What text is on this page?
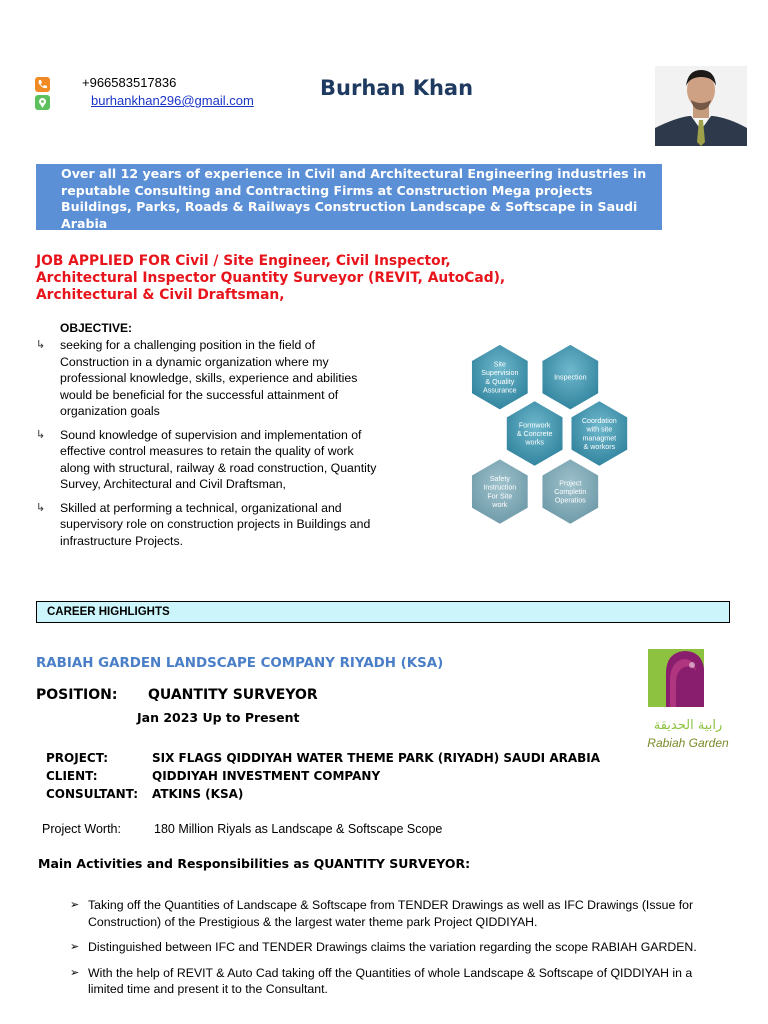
+966583517836
burhankhan296@gmail.com
Burhan Khan
Over all 12 years of experience in Civil and Architectural Engineering industries in reputable Consulting and Contracting Firms at Construction Mega projects Buildings, Parks, Roads & Railways Construction Landscape & Softscape in Saudi Arabia
JOB APPLIED FOR Civil / Site Engineer, Civil Inspector, Architectural Inspector Quantity Surveyor (REVIT, AutoCad), Architectural & Civil Draftsman,
OBJECTIVE:
↳ seeking for a challenging position in the field of Construction in a dynamic organization where my professional knowledge, skills, experience and abilities would be beneficial for the successful attainment of organization goals
↳ Sound knowledge of supervision and implementation of effective control measures to retain the quality of work along with structural, railway & road construction, Quantity Survey, Architectural and Civil Draftsman,
↳ Skilled at performing a technical, organizational and supervisory role on construction projects in Buildings and infrastructure Projects.
Site
Supervision
& Quality
Assurance
Inspection
Formwork
& Concrete
works
Coordation
with site
managmet
& workors
Safety
Instruction
For Site
work
Project
Completin
Operatios
CAREER HIGHLIGHTS
RABIAH GARDEN LANDSCAPE COMPANY RIYADH (KSA)
رابية الحديقة
Rabiah Garden
POSITION: QUANTITY SURVEYOR
Jan 2023 Up to Present
PROJECT:	SIX FLAGS QIDDIYAH WATER THEME PARK (RIYADH) SAUDI ARABIA
CLIENT:	QIDDIYAH INVESTMENT COMPANY
CONSULTANT: ATKINS (KSA)
Project Worth:	180 Million Riyals as Landscape & Softscape Scope
Main Activities and Responsibilities as QUANTITY SURVEYOR:
➢ Taking off the Quantities of Landscape & Softscape from TENDER Drawings as well as IFC Drawings (Issue for Construction) of the Prestigious & the largest water theme park Project QIDDIYAH.
➢ Distinguished between IFC and TENDER Drawings claims the variation regarding the scope RABIAH GARDEN.
➢ With the help of REVIT & Auto Cad taking off the Quantities of whole Landscape & Softscape of QIDDIYAH in a limited time and present it to the Consultant.
